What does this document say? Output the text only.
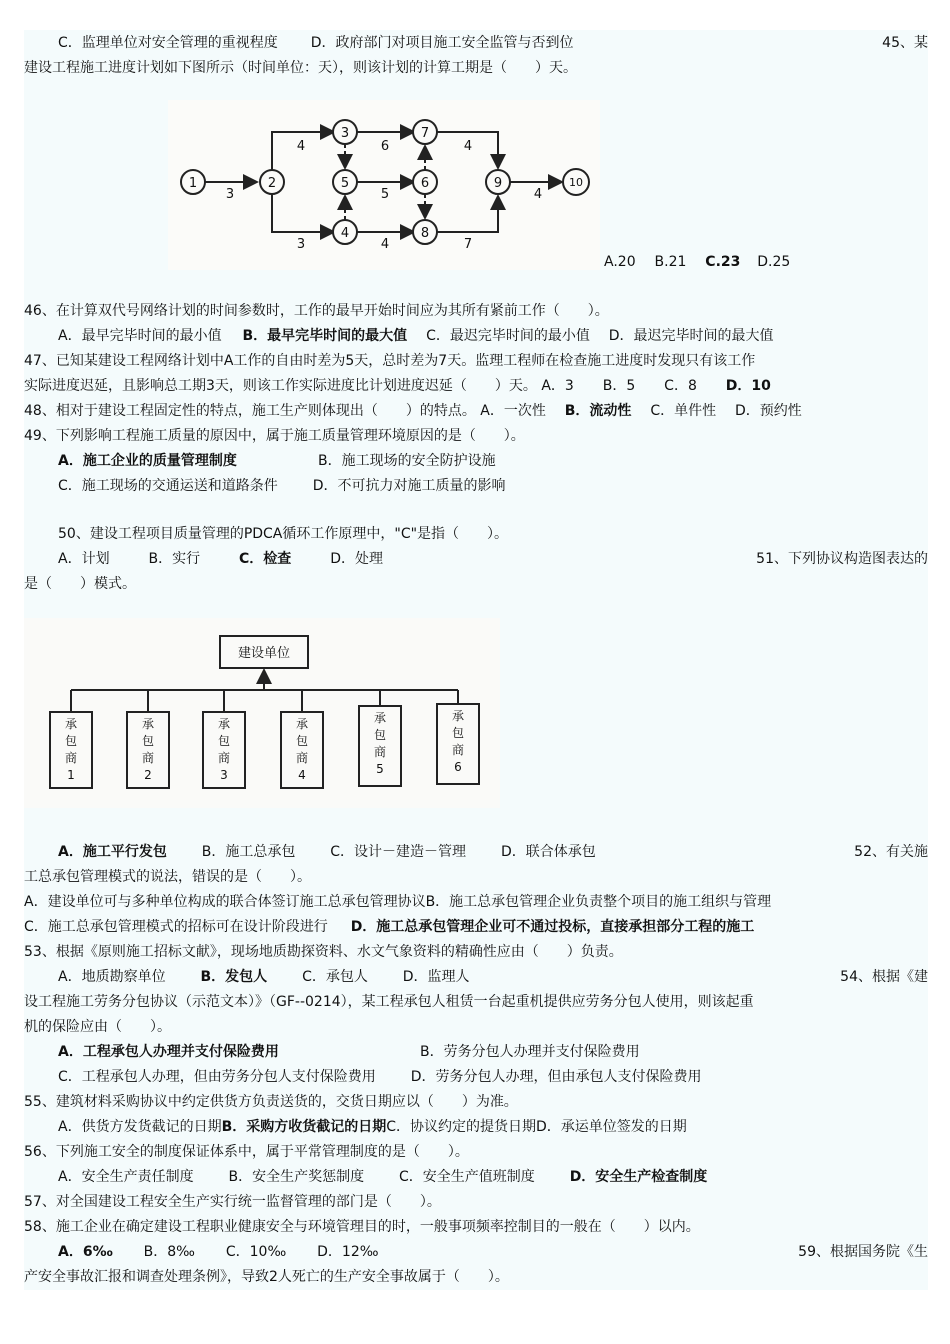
C．监理单位对安全管理的重视程度 D．政府部门对项目施工安全监管与否到位	45、某
建设工程施工进度计划如下图所示（时间单位：天），则该计划的计算工期是（　　）天。
3
4
3
6
5
4
4
7
4
1	2
3
4
5	6
7
8
9	10
A.20 B.21 C.23 D.25
46、在计算双代号网络计划的时间参数时，工作的最早开始时间应为其所有紧前工作（　　）。
A．最早完毕时间的最小值 B．最早完毕时间的最大值 C．最迟完毕时间的最小值 D．最迟完毕时间的最大值
47、已知某建设工程网络计划中A工作的自由时差为5天，总时差为7天。监理工程师在检查施工进度时发现只有该工作
实际进度迟延，且影响总工期3天，则该工作实际进度比计划进度迟延（　　）天。 A．3 B．5 C．8 D．10
48、相对于建设工程固定性的特点，施工生产则体现出（　　）的特点。 A．一次性 B．流动性 C．单件性 D．预约性
49、下列影响工程施工质量的原因中，属于施工质量管理环境原因的是（　　）。
A．施工企业的质量管理制度	B．施工现场的安全防护设施
C．施工现场的交通运送和道路条件 D．不可抗力对施工质量的影响
50、建设工程项目质量管理的PDCA循环工作原理中，"C"是指（　　）。
A．计划	B．实行	C．检查	D．处理	51、下列协议构造图表达的
是（　　）模式。
建设单位
承包商 1
承包商 2
承包商 3
承包商 4
承包商 5
承包商 6
A．施工平行发包 B．施工总承包 C．设计－建造－管理 D．联合体承包	52、有关施
工总承包管理模式的说法，错误的是（　　）。
A．建设单位可与多种单位构成的联合体签订施工总承包管理协议B．施工总承包管理企业负责整个项目的施工组织与管理
C．施工总承包管理模式的招标可在设计阶段进行 D．施工总承包管理企业可不通过投标，直接承担部分工程的施工
53、根据《原则施工招标文献》，现场地质勘探资料、水文气象资料的精确性应由（　　）负责。
A．地质勘察单位 B．发包人 C．承包人 D．监理人	54、根据《建
设工程施工劳务分包协议（示范文本）》（GF--0214），某工程承包人租赁一台起重机提供应劳务分包人使用，则该起重
机的保险应由（　　）。
A．工程承包人办理并支付保险费用	B．劳务分包人办理并支付保险费用
C．工程承包人办理，但由劳务分包人支付保险费用 D．劳务分包人办理，但由承包人支付保险费用
55、建筑材料采购协议中约定供货方负责送货的，交货日期应以（　　）为准。
A．供货方发货截记的日期B．采购方收货截记的日期C．协议约定的提货日期D．承运单位签发的日期
56、下列施工安全的制度保证体系中，属于平常管理制度的是（　　）。
A．安全生产责任制度 B．安全生产奖惩制度 C．安全生产值班制度 D．安全生产检查制度
57、对全国建设工程安全生产实行统一监督管理的部门是（　　）。
58、施工企业在确定建设工程职业健康安全与环境管理目的时，一般事项频率控制目的一般在（　　）以内。
A．6‰ B．8‰ C．10‰ D．12‰	59、根据国务院《生
产安全事故汇报和调查处理条例》，导致2人死亡的生产安全事故属于（　　）。
